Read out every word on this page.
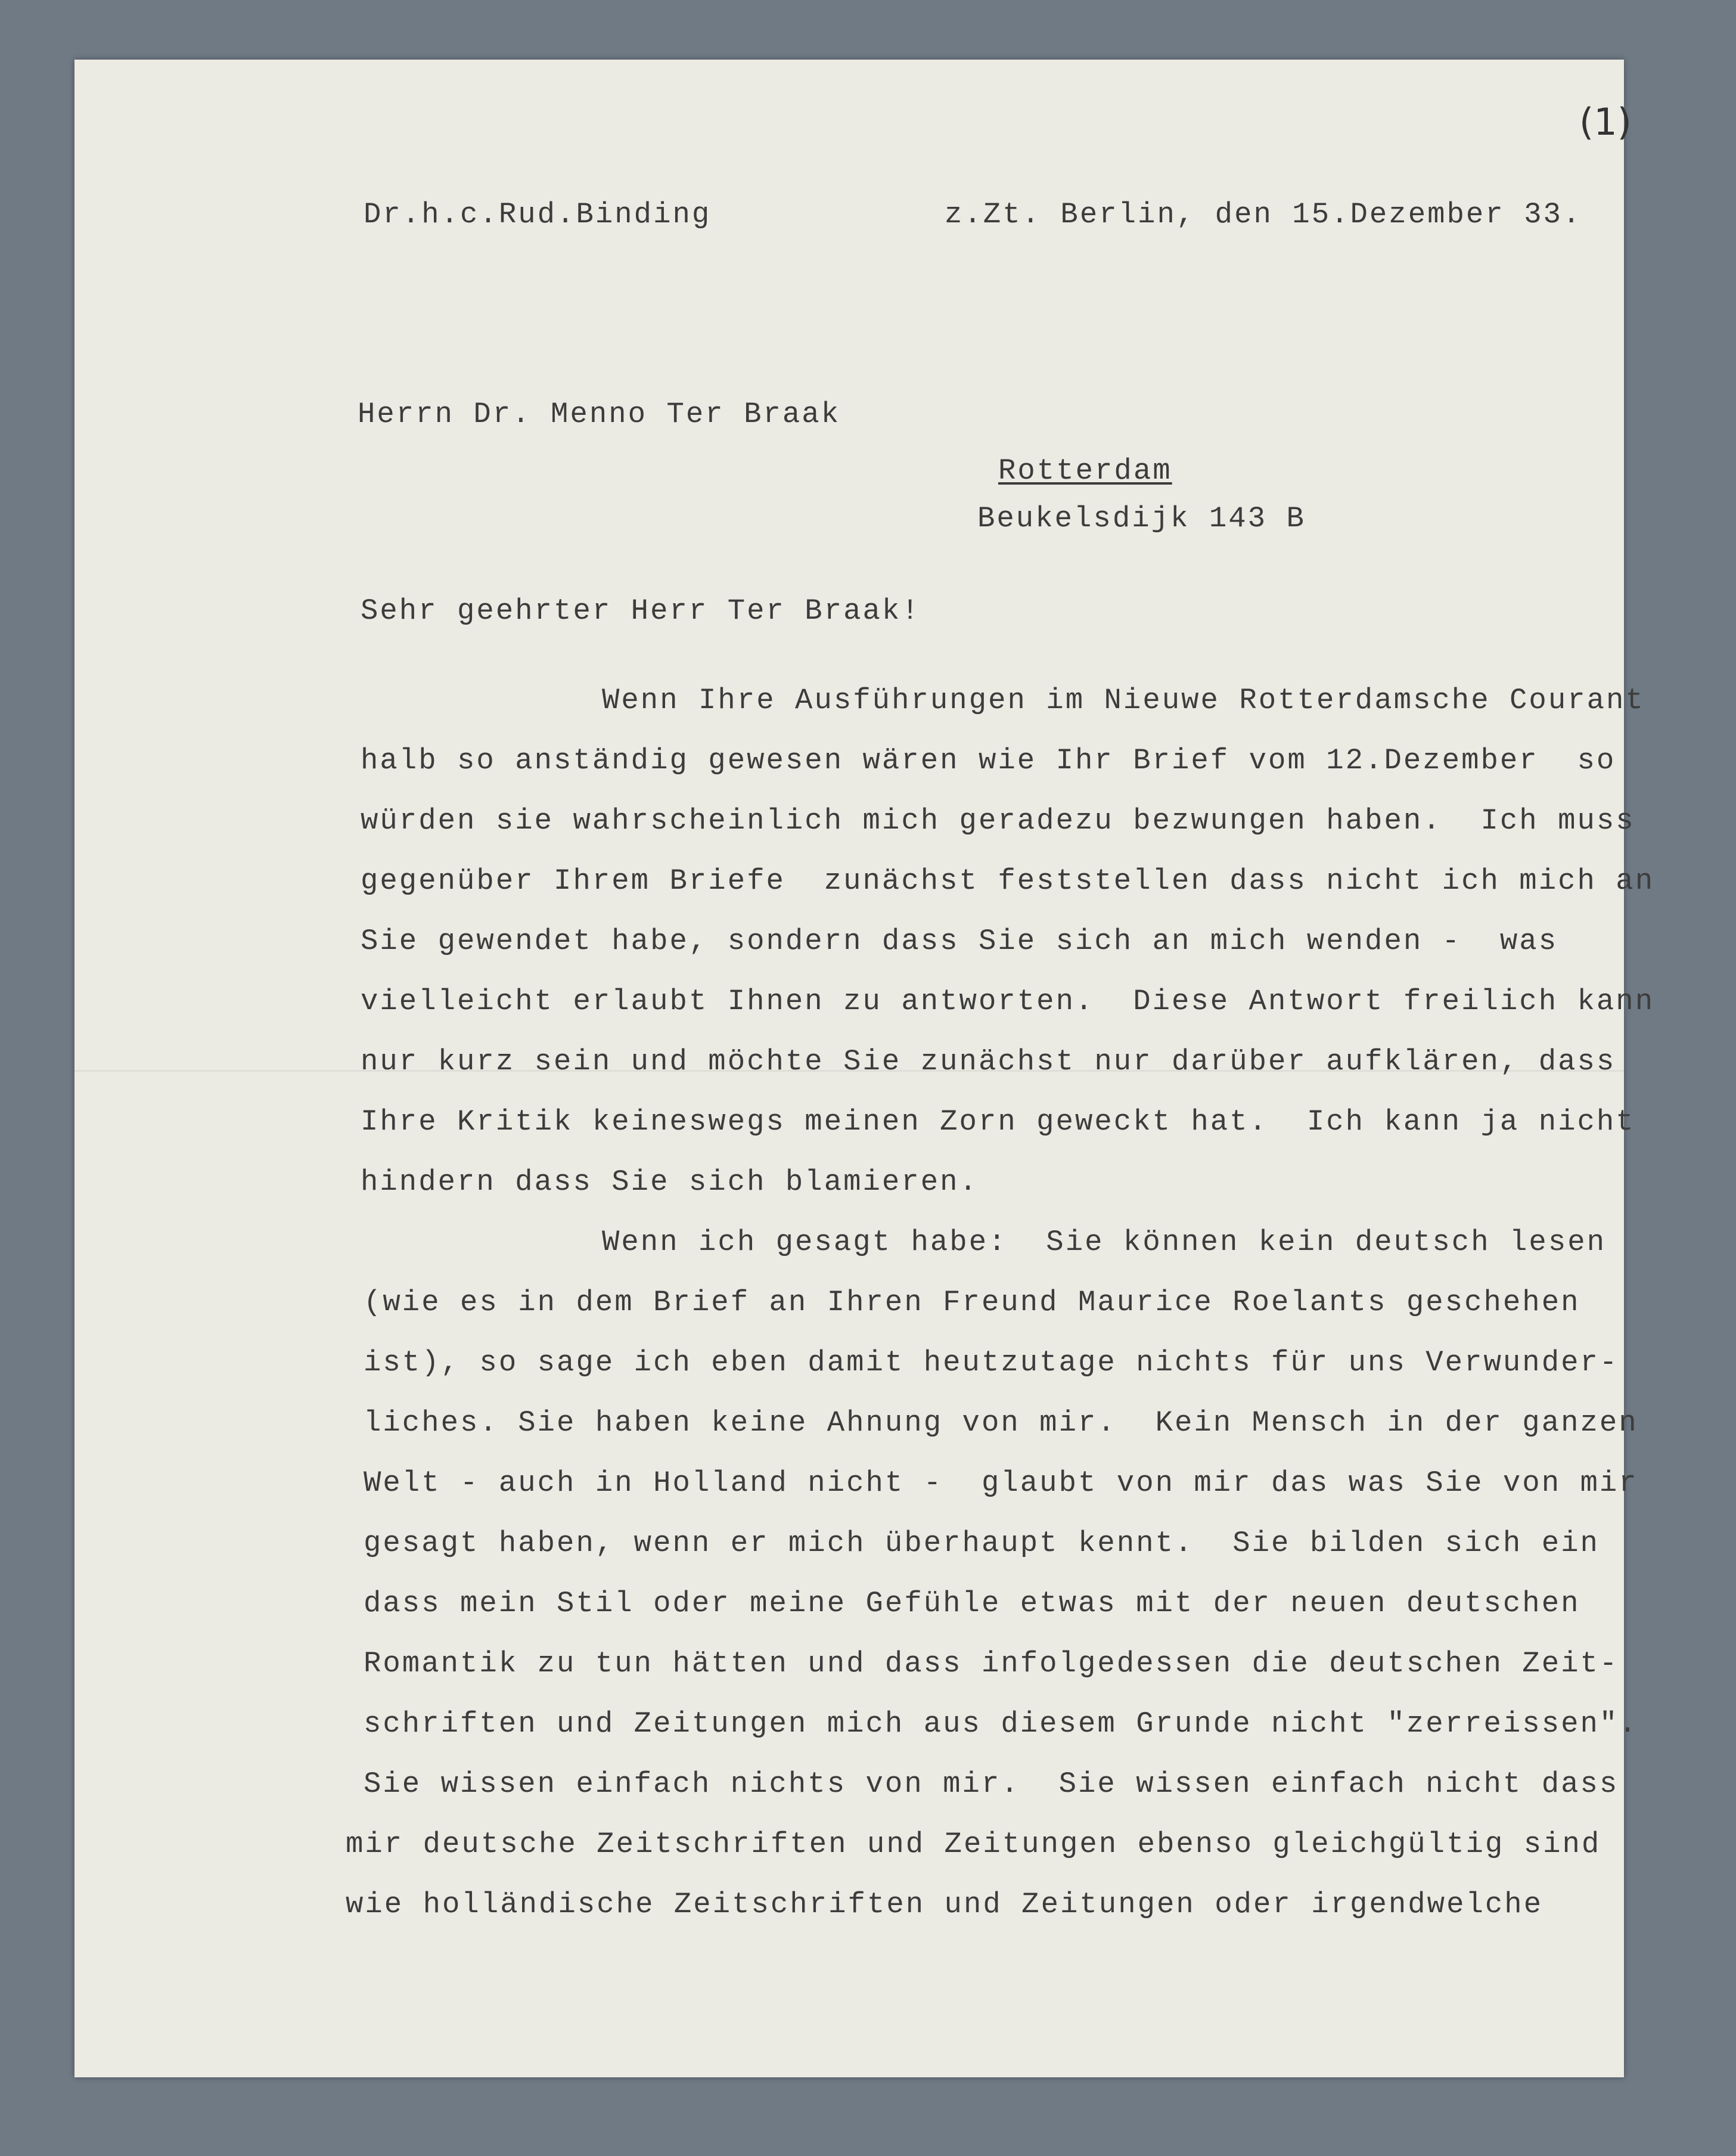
(1)
Dr.h.c.Rud.Binding	z.Zt. Berlin, den 15.Dezember 33.
Herrn Dr. Menno Ter Braak
Rotterdam
Beukelsdijk 143 B
Sehr geehrter Herr Ter Braak!
Wenn Ihre Ausführungen im Nieuwe Rotterdamsche Courant
halb so anständig gewesen wären wie Ihr Brief vom 12.Dezember  so
würden sie wahrscheinlich mich geradezu bezwungen haben.  Ich muss
gegenüber Ihrem Briefe  zunächst feststellen dass nicht ich mich an
Sie gewendet habe, sondern dass Sie sich an mich wenden -  was
vielleicht erlaubt Ihnen zu antworten.  Diese Antwort freilich kann
nur kurz sein und möchte Sie zunächst nur darüber aufklären, dass
Ihre Kritik keineswegs meinen Zorn geweckt hat.  Ich kann ja nicht
hindern dass Sie sich blamieren.
Wenn ich gesagt habe:  Sie können kein deutsch lesen
(wie es in dem Brief an Ihren Freund Maurice Roelants geschehen
ist), so sage ich eben damit heutzutage nichts für uns Verwunder-
liches. Sie haben keine Ahnung von mir.  Kein Mensch in der ganzen
Welt - auch in Holland nicht -  glaubt von mir das was Sie von mir
gesagt haben, wenn er mich überhaupt kennt.  Sie bilden sich ein
dass mein Stil oder meine Gefühle etwas mit der neuen deutschen
Romantik zu tun hätten und dass infolgedessen die deutschen Zeit-
schriften und Zeitungen mich aus diesem Grunde nicht "zerreissen".
Sie wissen einfach nichts von mir.  Sie wissen einfach nicht dass
mir deutsche Zeitschriften und Zeitungen ebenso gleichgültig sind
wie holländische Zeitschriften und Zeitungen oder irgendwelche
